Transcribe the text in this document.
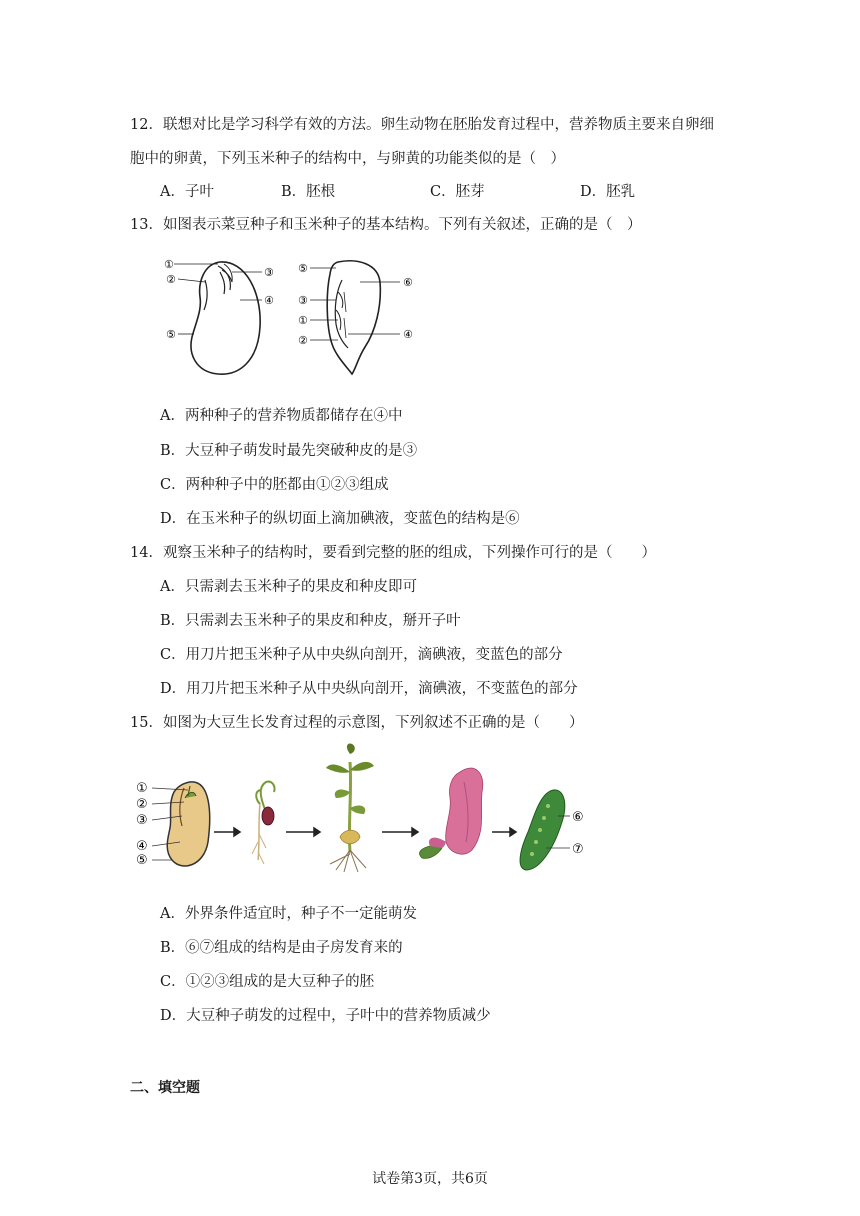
12．联想对比是学习科学有效的方法。卵生动物在胚胎发育过程中，营养物质主要来自卵细
胞中的卵黄，下列玉米种子的结构中，与卵黄的功能类似的是（　）
A．子叶	B．胚根	C．胚芽	D．胚乳
13．如图表示菜豆种子和玉米种子的基本结构。下列有关叙述，正确的是（　）
①
②
③
④
⑤
⑤
⑥
③
①
②	④
A．两种种子的营养物质都储存在④中
B．大豆种子萌发时最先突破种皮的是③
C．两种种子中的胚都由①②③组成
D．在玉米种子的纵切面上滴加碘液，变蓝色的结构是⑥
14．观察玉米种子的结构时，要看到完整的胚的组成，下列操作可行的是（　　）
A．只需剥去玉米种子的果皮和种皮即可
B．只需剥去玉米种子的果皮和种皮，掰开子叶
C．用刀片把玉米种子从中央纵向剖开，滴碘液，变蓝色的部分
D．用刀片把玉米种子从中央纵向剖开，滴碘液，不变蓝色的部分
15．如图为大豆生长发育过程的示意图，下列叙述不正确的是（　　）
①
②
③
④
⑤
⑥
⑦
A．外界条件适宜时，种子不一定能萌发
B．⑥⑦组成的结构是由子房发育来的
C．①②③组成的是大豆种子的胚
D．大豆种子萌发的过程中，子叶中的营养物质减少
二、填空题
试卷第3页，共6页
